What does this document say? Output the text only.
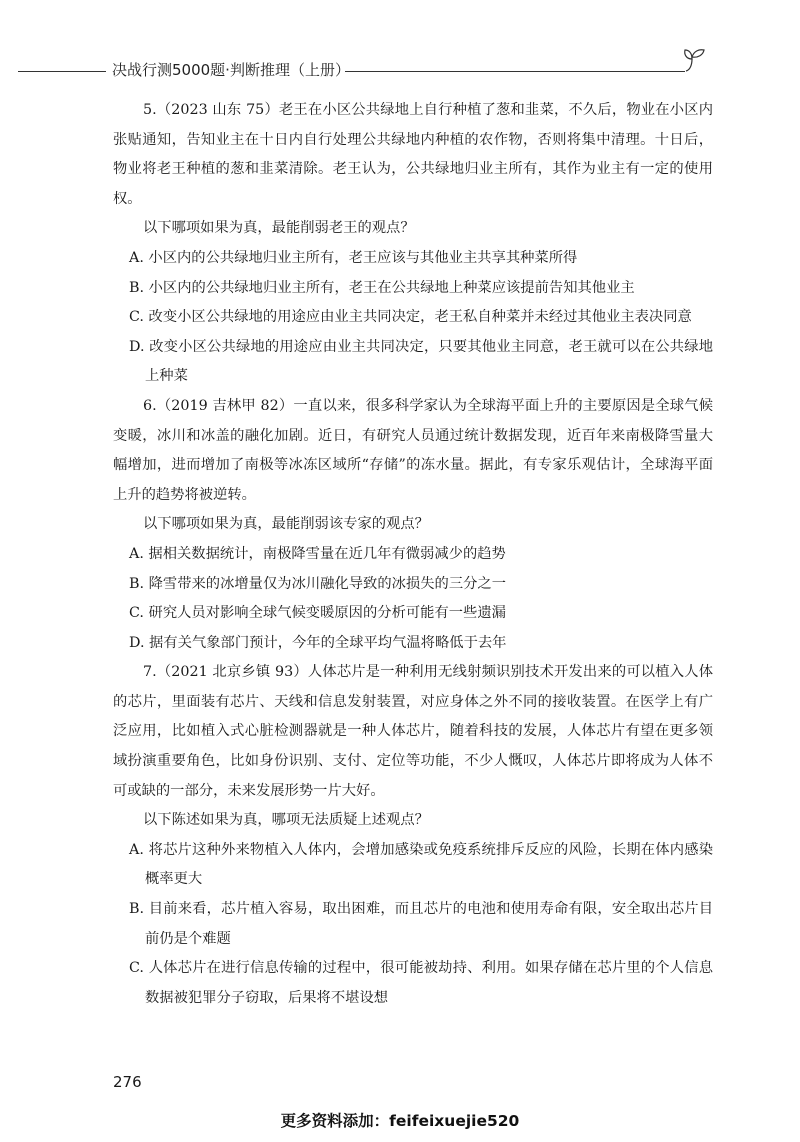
决战行测5000题·判断推理（上册）
5.（2023 山东 75）老王在小区公共绿地上自行种植了葱和韭菜，不久后，物业在小区内张贴通知，告知业主在十日内自行处理公共绿地内种植的农作物，否则将集中清理。十日后，物业将老王种植的葱和韭菜清除。老王认为，公共绿地归业主所有，其作为业主有一定的使用权。
以下哪项如果为真，最能削弱老王的观点？
A. 小区内的公共绿地归业主所有，老王应该与其他业主共享其种菜所得
B. 小区内的公共绿地归业主所有，老王在公共绿地上种菜应该提前告知其他业主
C. 改变小区公共绿地的用途应由业主共同决定，老王私自种菜并未经过其他业主表决同意
D. 改变小区公共绿地的用途应由业主共同决定，只要其他业主同意，老王就可以在公共绿地上种菜
6.（2019 吉林甲 82）一直以来，很多科学家认为全球海平面上升的主要原因是全球气候变暖，冰川和冰盖的融化加剧。近日，有研究人员通过统计数据发现，近百年来南极降雪量大幅增加，进而增加了南极等冰冻区域所“存储”的冻水量。据此，有专家乐观估计，全球海平面上升的趋势将被逆转。
以下哪项如果为真，最能削弱该专家的观点？
A. 据相关数据统计，南极降雪量在近几年有微弱减少的趋势
B. 降雪带来的冰增量仅为冰川融化导致的冰损失的三分之一
C. 研究人员对影响全球气候变暖原因的分析可能有一些遗漏
D. 据有关气象部门预计，今年的全球平均气温将略低于去年
7.（2021 北京乡镇 93）人体芯片是一种利用无线射频识别技术开发出来的可以植入人体的芯片，里面装有芯片、天线和信息发射装置，对应身体之外不同的接收装置。在医学上有广泛应用，比如植入式心脏检测器就是一种人体芯片，随着科技的发展，人体芯片有望在更多领域扮演重要角色，比如身份识别、支付、定位等功能，不少人慨叹，人体芯片即将成为人体不可或缺的一部分，未来发展形势一片大好。
以下陈述如果为真，哪项无法质疑上述观点？
A. 将芯片这种外来物植入人体内，会增加感染或免疫系统排斥反应的风险，长期在体内感染概率更大
B. 目前来看，芯片植入容易，取出困难，而且芯片的电池和使用寿命有限，安全取出芯片目前仍是个难题
C. 人体芯片在进行信息传输的过程中，很可能被劫持、利用。如果存储在芯片里的个人信息数据被犯罪分子窃取，后果将不堪设想
276
更多资料添加：feifeixuejie520
